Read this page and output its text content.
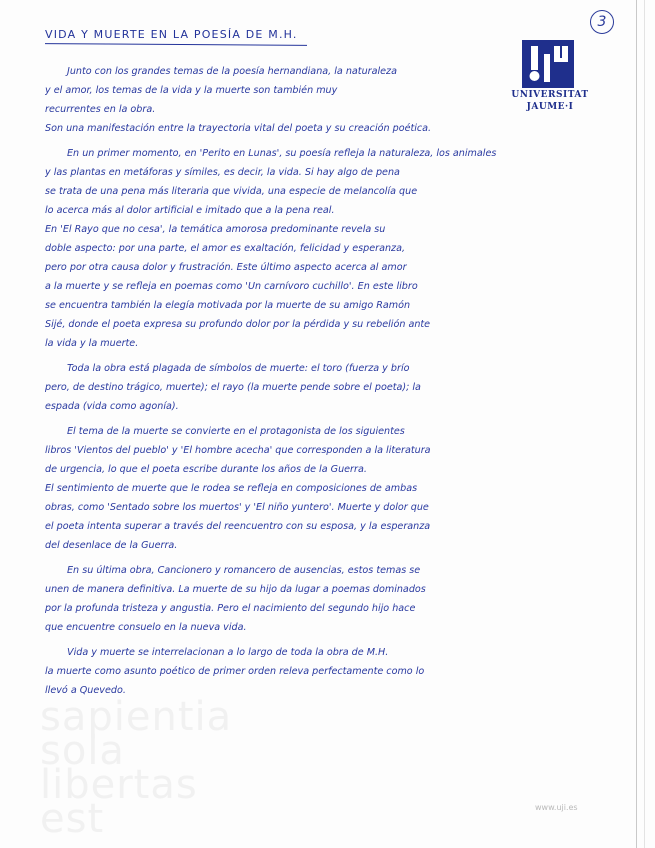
3
VIDA Y MUERTE EN LA POESÍA DE M.H.
UNIVERSITAT
JAUME·I
sapientia
sola
libertas
est
Junto con los grandes temas de la poesía hernandiana, la naturaleza
y el amor, los temas de la vida y la muerte son también muy
recurrentes en la obra.
Son una manifestación entre la trayectoria vital del poeta y su creación poética.
En un primer momento, en 'Perito en Lunas', su poesía refleja la naturaleza, los animales
y las plantas en metáforas y símiles, es decir, la vida. Si hay algo de pena
se trata de una pena más literaria que vivida, una especie de melancolía que
lo acerca más al dolor artificial e imitado que a la pena real.
En 'El Rayo que no cesa', la temática amorosa predominante revela su
doble aspecto: por una parte, el amor es exaltación, felicidad y esperanza,
pero por otra causa dolor y frustración. Este último aspecto acerca al amor
a la muerte y se refleja en poemas como 'Un carnívoro cuchillo'. En este libro
se encuentra también la elegía motivada por la muerte de su amigo Ramón
Sijé, donde el poeta expresa su profundo dolor por la pérdida y su rebelión ante
la vida y la muerte.
Toda la obra está plagada de símbolos de muerte: el toro (fuerza y brío
pero, de destino trágico, muerte); el rayo (la muerte pende sobre el poeta); la
espada (vida como agonía).
El tema de la muerte se convierte en el protagonista de los siguientes
libros 'Vientos del pueblo' y 'El hombre acecha' que corresponden a la literatura
de urgencia, lo que el poeta escribe durante los años de la Guerra.
El sentimiento de muerte que le rodea se refleja en composiciones de ambas
obras, como 'Sentado sobre los muertos' y 'El niño yuntero'. Muerte y dolor que
el poeta intenta superar a través del reencuentro con su esposa, y la esperanza
del desenlace de la Guerra.
En su última obra, Cancionero y romancero de ausencias, estos temas se
unen de manera definitiva. La muerte de su hijo da lugar a poemas dominados
por la profunda tristeza y angustia. Pero el nacimiento del segundo hijo hace
que encuentre consuelo en la nueva vida.
Vida y muerte se interrelacionan a lo largo de toda la obra de M.H.
la muerte como asunto poético de primer orden releva perfectamente como lo
llevó a Quevedo.
www.uji.es
